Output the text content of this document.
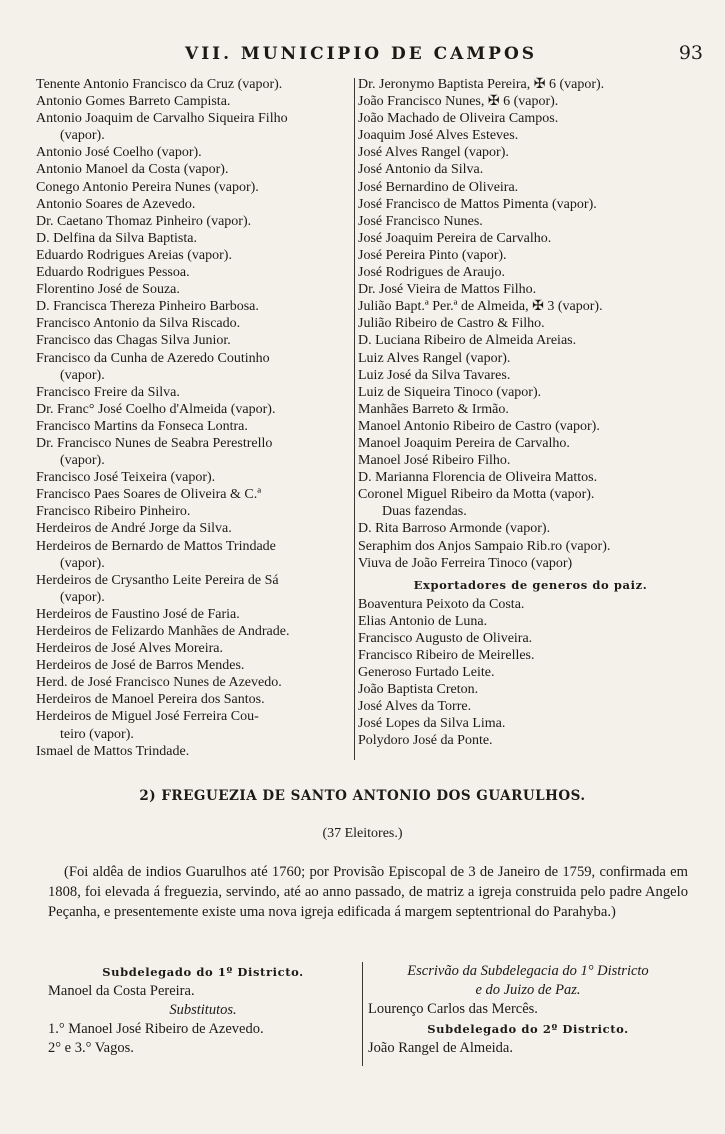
VII. MUNICIPIO DE CAMPOS	93
Tenente Antonio Francisco da Cruz (vapor).
Antonio Gomes Barreto Campista.
Antonio Joaquim de Carvalho Siqueira Filho
(vapor).
Antonio José Coelho (vapor).
Antonio Manoel da Costa (vapor).
Conego Antonio Pereira Nunes (vapor).
Antonio Soares de Azevedo.
Dr. Caetano Thomaz Pinheiro (vapor).
D. Delfina da Silva Baptista.
Eduardo Rodrigues Areias (vapor).
Eduardo Rodrigues Pessoa.
Florentino José de Souza.
D. Francisca Thereza Pinheiro Barbosa.
Francisco Antonio da Silva Riscado.
Francisco das Chagas Silva Junior.
Francisco da Cunha de Azeredo Coutinho
(vapor).
Francisco Freire da Silva.
Dr. Franc° José Coelho d'Almeida (vapor).
Francisco Martins da Fonseca Lontra.
Dr. Francisco Nunes de Seabra Perestrello
(vapor).
Francisco José Teixeira (vapor).
Francisco Paes Soares de Oliveira & C.ª
Francisco Ribeiro Pinheiro.
Herdeiros de André Jorge da Silva.
Herdeiros de Bernardo de Mattos Trindade
(vapor).
Herdeiros de Crysantho Leite Pereira de Sá
(vapor).
Herdeiros de Faustino José de Faria.
Herdeiros de Felizardo Manhães de Andrade.
Herdeiros de José Alves Moreira.
Herdeiros de José de Barros Mendes.
Herd. de José Francisco Nunes de Azevedo.
Herdeiros de Manoel Pereira dos Santos.
Herdeiros de Miguel José Ferreira Cou-
teiro (vapor).
Ismael de Mattos Trindade.
Dr. Jeronymo Baptista Pereira, ✠ 6 (vapor).
João Francisco Nunes, ✠ 6 (vapor).
João Machado de Oliveira Campos.
Joaquim José Alves Esteves.
José Alves Rangel (vapor).
José Antonio da Silva.
José Bernardino de Oliveira.
José Francisco de Mattos Pimenta (vapor).
José Francisco Nunes.
José Joaquim Pereira de Carvalho.
José Pereira Pinto (vapor).
José Rodrigues de Araujo.
Dr. José Vieira de Mattos Filho.
Julião Bapt.ª Per.ª de Almeida, ✠ 3 (vapor).
Julião Ribeiro de Castro & Filho.
D. Luciana Ribeiro de Almeida Areias.
Luiz Alves Rangel (vapor).
Luiz José da Silva Tavares.
Luiz de Siqueira Tinoco (vapor).
Manhães Barreto & Irmão.
Manoel Antonio Ribeiro de Castro (vapor).
Manoel Joaquim Pereira de Carvalho.
Manoel José Ribeiro Filho.
D. Marianna Florencia de Oliveira Mattos.
Coronel Miguel Ribeiro da Motta (vapor).
Duas fazendas.
D. Rita Barroso Armonde (vapor).
Seraphim dos Anjos Sampaio Rib.ro (vapor).
Viuva de João Ferreira Tinoco (vapor)
Exportadores de generos do paiz.
Boaventura Peixoto da Costa.
Elias Antonio de Luna.
Francisco Augusto de Oliveira.
Francisco Ribeiro de Meirelles.
Generoso Furtado Leite.
João Baptista Creton.
José Alves da Torre.
José Lopes da Silva Lima.
Polydoro José da Ponte.
2) FREGUEZIA DE SANTO ANTONIO DOS GUARULHOS.
(37 Eleitores.)
(Foi aldêa de indios Guarulhos até 1760; por Provisão Episcopal de 3 de Janeiro de 1759, confirmada em 1808, foi elevada á freguezia, servindo, até ao anno passado, de matriz a igreja construida pelo padre Angelo Peçanha, e presentemente existe uma nova igreja edificada á margem septentrional do Parahyba.)
Subdelegado do 1º Districto.
Manoel da Costa Pereira.
Substitutos.
1.° Manoel José Ribeiro de Azevedo.
2° e 3.° Vagos.
Escrivão da Subdelegacia do 1° Districto
e do Juizo de Paz.
Lourenço Carlos das Mercês.
Subdelegado do 2º Districto.
João Rangel de Almeida.
